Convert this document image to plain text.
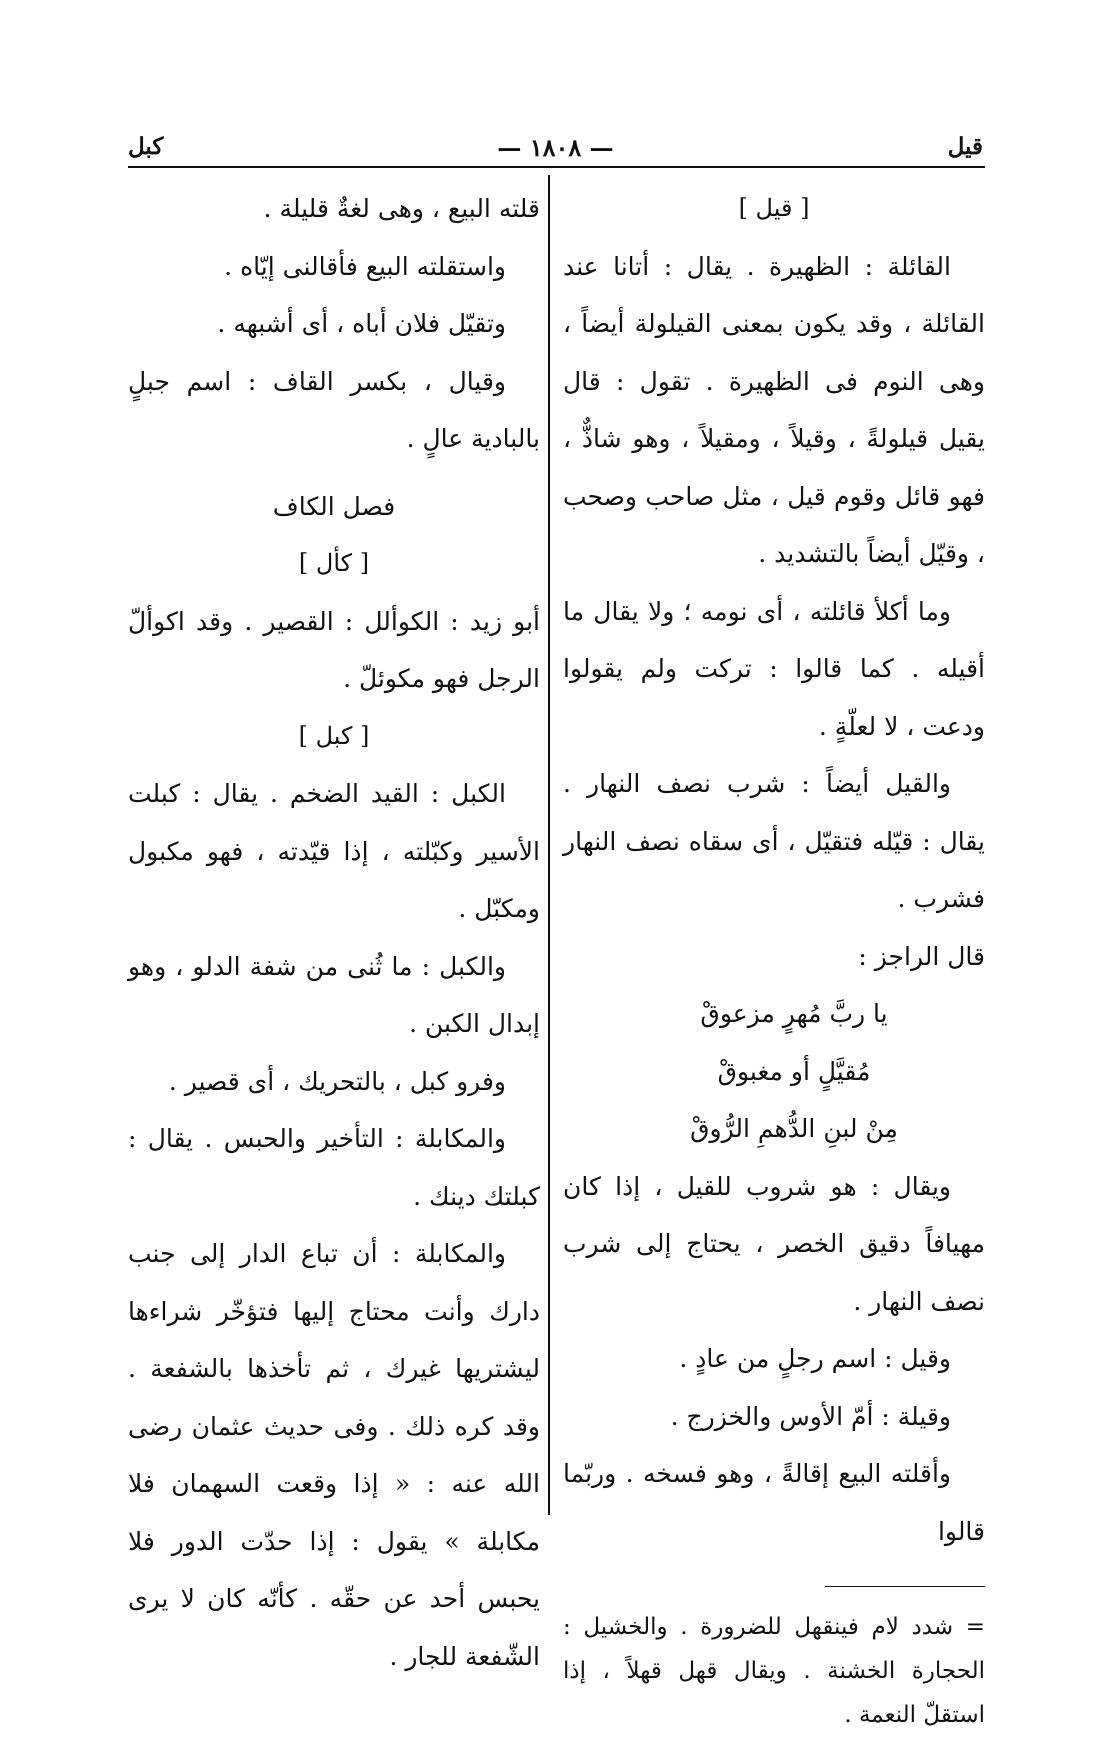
قيل
— ١٨٠٨ —
كبل

[ قيل ]

القائلة : الظهيرة . يقال : أتانا عند القائلة ، وقد يكون بمعنى القيلولة أيضاً ، وهى النوم فى الظهيرة . تقول : قال يقيل قيلولةً ، وقيلاً ، ومقيلاً ، وهو شاذٌّ ، فهو قائل وقوم قيل ، مثل صاحب وصحب ، وقيّل أيضاً بالتشديد .

وما أكلأ قائلته ، أى نومه ؛ ولا يقال ما أقيله . كما قالوا : تركت ولم يقولوا ودعت ، لا لعلّةٍ .

والقيل أيضاً : شرب نصف النهار . يقال : قيّله فتقيّل ، أى سقاه نصف النهار فشرب .

قال الراجز :

يا ربَّ مُهرٍ مزعوقْ

مُقيَّلٍ أو مغبوقْ

مِنْ لبنِ الدُّهمِ الرُّوقْ

ويقال : هو شروب للقيل ، إذا كان مهيافاً دقيق الخصر ، يحتاج إلى شرب نصف النهار .

وقيل : اسم رجلٍ من عادٍ .

وقيلة : أمّ الأوس والخزرج .

وأقلته البيع إقالةً ، وهو فسخه . وربّما قالوا

= شدد لام فينقهل للضرورة . والخشيل : الحجارة الخشنة . ويقال قهل قهلاً ، إذا استقلّ النعمة .

قلته البيع ، وهى لغةٌ قليلة .

واستقلته البيع فأقالنى إيّاه .

وتقيّل فلان أباه ، أى أشبهه .

وقيال ، بكسر القاف : اسم جبلٍ بالبادية عالٍ .

فصل الكاف

[ كأل ]

أبو زيد : الكوألل : القصير . وقد اكوألّ الرجل فهو مكوئلّ .

[ كبل ]

الكبل : القيد الضخم . يقال : كبلت الأسير وكبّلته ، إذا قيّدته ، فهو مكبول ومكبّل .

والكبل : ما ثُنى من شفة الدلو ، وهو إبدال الكبن .

وفرو كبل ، بالتحريك ، أى قصير .

والمكابلة : التأخير والحبس . يقال : كبلتك دينك .

والمكابلة : أن تباع الدار إلى جنب دارك وأنت محتاج إليها فتؤخّر شراءها ليشتريها غيرك ، ثم تأخذها بالشفعة . وقد كره ذلك . وفى حديث عثمان رضى الله عنه : « إذا وقعت السهمان فلا مكابلة » يقول : إذا حدّت الدور فلا يحبس أحد عن حقّه . كأنّه كان لا يرى الشّفعة للجار .
